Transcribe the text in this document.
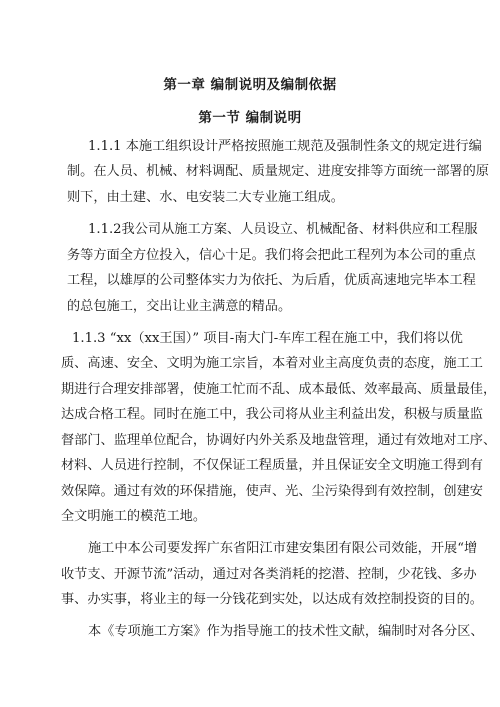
第一章 编制说明及编制依据
第一节 编制说明
1.1.1 本施工组织设计严格按照施工规范及强制性条文的规定进行编
制。在人员、机械、材料调配、质量规定、进度安排等方面统一部署的原
则下，由土建、水、电安装二大专业施工组成。
1.1.2我公司从施工方案、人员设立、机械配备、材料供应和工程服
务等方面全方位投入，信心十足。我们将会把此工程列为本公司的重点
工程，以雄厚的公司整体实力为依托、为后盾，优质高速地完毕本工程
的总包施工，交出让业主满意的精品。
1.1.3 “xx（xx王国）” 项目-南大门-车库工程在施工中，我们将以优
质、高速、安全、文明为施工宗旨，本着对业主高度负责的态度，施工工
期进行合理安排部署，使施工忙而不乱、成本最低、效率最高、质量最佳，
达成合格工程。同时在施工中，我公司将从业主利益出发，积极与质量监
督部门、监理单位配合，协调好内外关系及地盘管理，通过有效地对工序、
材料、人员进行控制，不仅保证工程质量，并且保证安全文明施工得到有
效保障。通过有效的环保措施，使声、光、尘污染得到有效控制，创建安
全文明施工的模范工地。
施工中本公司要发挥广东省阳江市建安集团有限公司效能，开展“增
收节支、开源节流”活动，通过对各类消耗的挖潜、控制，少花钱、多办
事、办实事，将业主的每一分钱花到实处，以达成有效控制投资的目的。
本《专项施工方案》作为指导施工的技术性文献，编制时对各分区、
